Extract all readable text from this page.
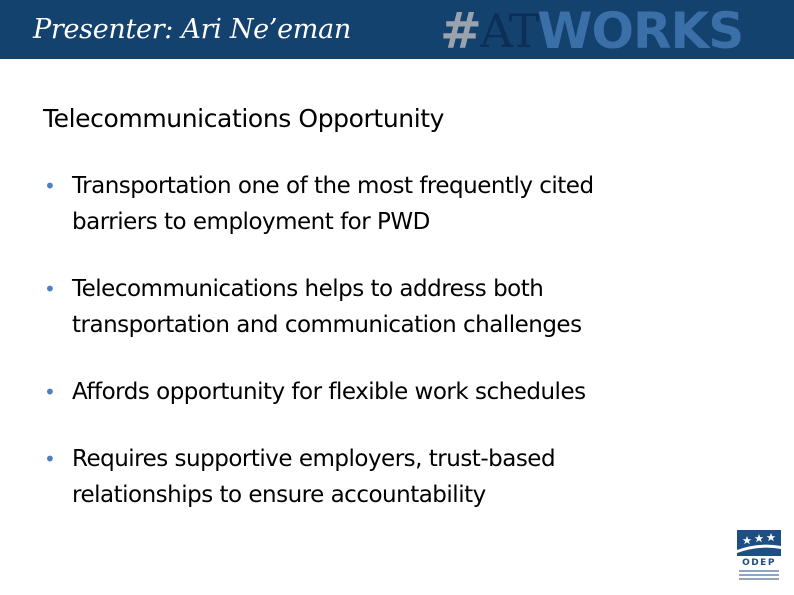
Presenter: Ari Ne’eman #ATWORKS
Telecommunications Opportunity
• Transportation one of the most frequently cited
barriers to employment for PWD
• Telecommunications helps to address both
transportation and communication challenges
• Affords opportunity for flexible work schedules
• Requires supportive employers, trust-based
relationships to ensure accountability
ODEP
